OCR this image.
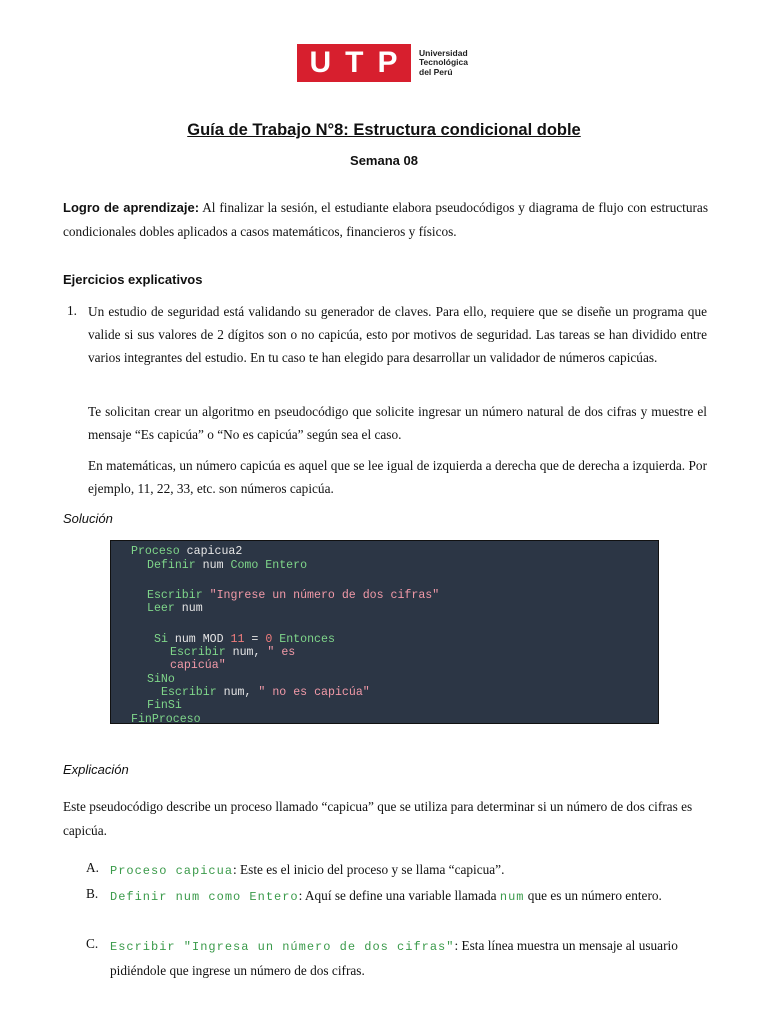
U T P Universidad
Tecnológica
del Perú
Guía de Trabajo N°8: Estructura condicional doble
Semana 08
Logro de aprendizaje: Al finalizar la sesión, el estudiante elabora pseudocódigos y diagrama de flujo con estructuras condicionales dobles aplicados a casos matemáticos, financieros y físicos.
Ejercicios explicativos
1. Un estudio de seguridad está validando su generador de claves. Para ello, requiere que se diseñe un programa que valide si sus valores de 2 dígitos son o no capicúa, esto por motivos de seguridad. Las tareas se han dividido entre varios integrantes del estudio. En tu caso te han elegido para desarrollar un validador de números capicúas.
Te solicitan crear un algoritmo en pseudocódigo que solicite ingresar un número natural de dos cifras y muestre el mensaje “Es capicúa” o “No es capicúa” según sea el caso.
En matemáticas, un número capicúa es aquel que se lee igual de izquierda a derecha que de derecha a izquierda. Por ejemplo, 11, 22, 33, etc. son números capicúa.
Solución
Proceso capicua2
Definir num Como Entero
Escribir "Ingrese un número de dos cifras"
Leer num
Si num MOD 11 = 0 Entonces
Escribir num, " es
capicúa"
SiNo
Escribir num, " no es capicúa"
FinSi
FinProceso
Explicación
Este pseudocódigo describe un proceso llamado “capicua” que se utiliza para determinar si un número de dos cifras es capicúa.
A. Proceso capicua: Este es el inicio del proceso y se llama “capicua”.
B. Definir num como Entero: Aquí se define una variable llamada num que es un número entero.
C. Escribir "Ingresa un número de dos cifras": Esta línea muestra un mensaje al usuario pidiéndole que ingrese un número de dos cifras.
